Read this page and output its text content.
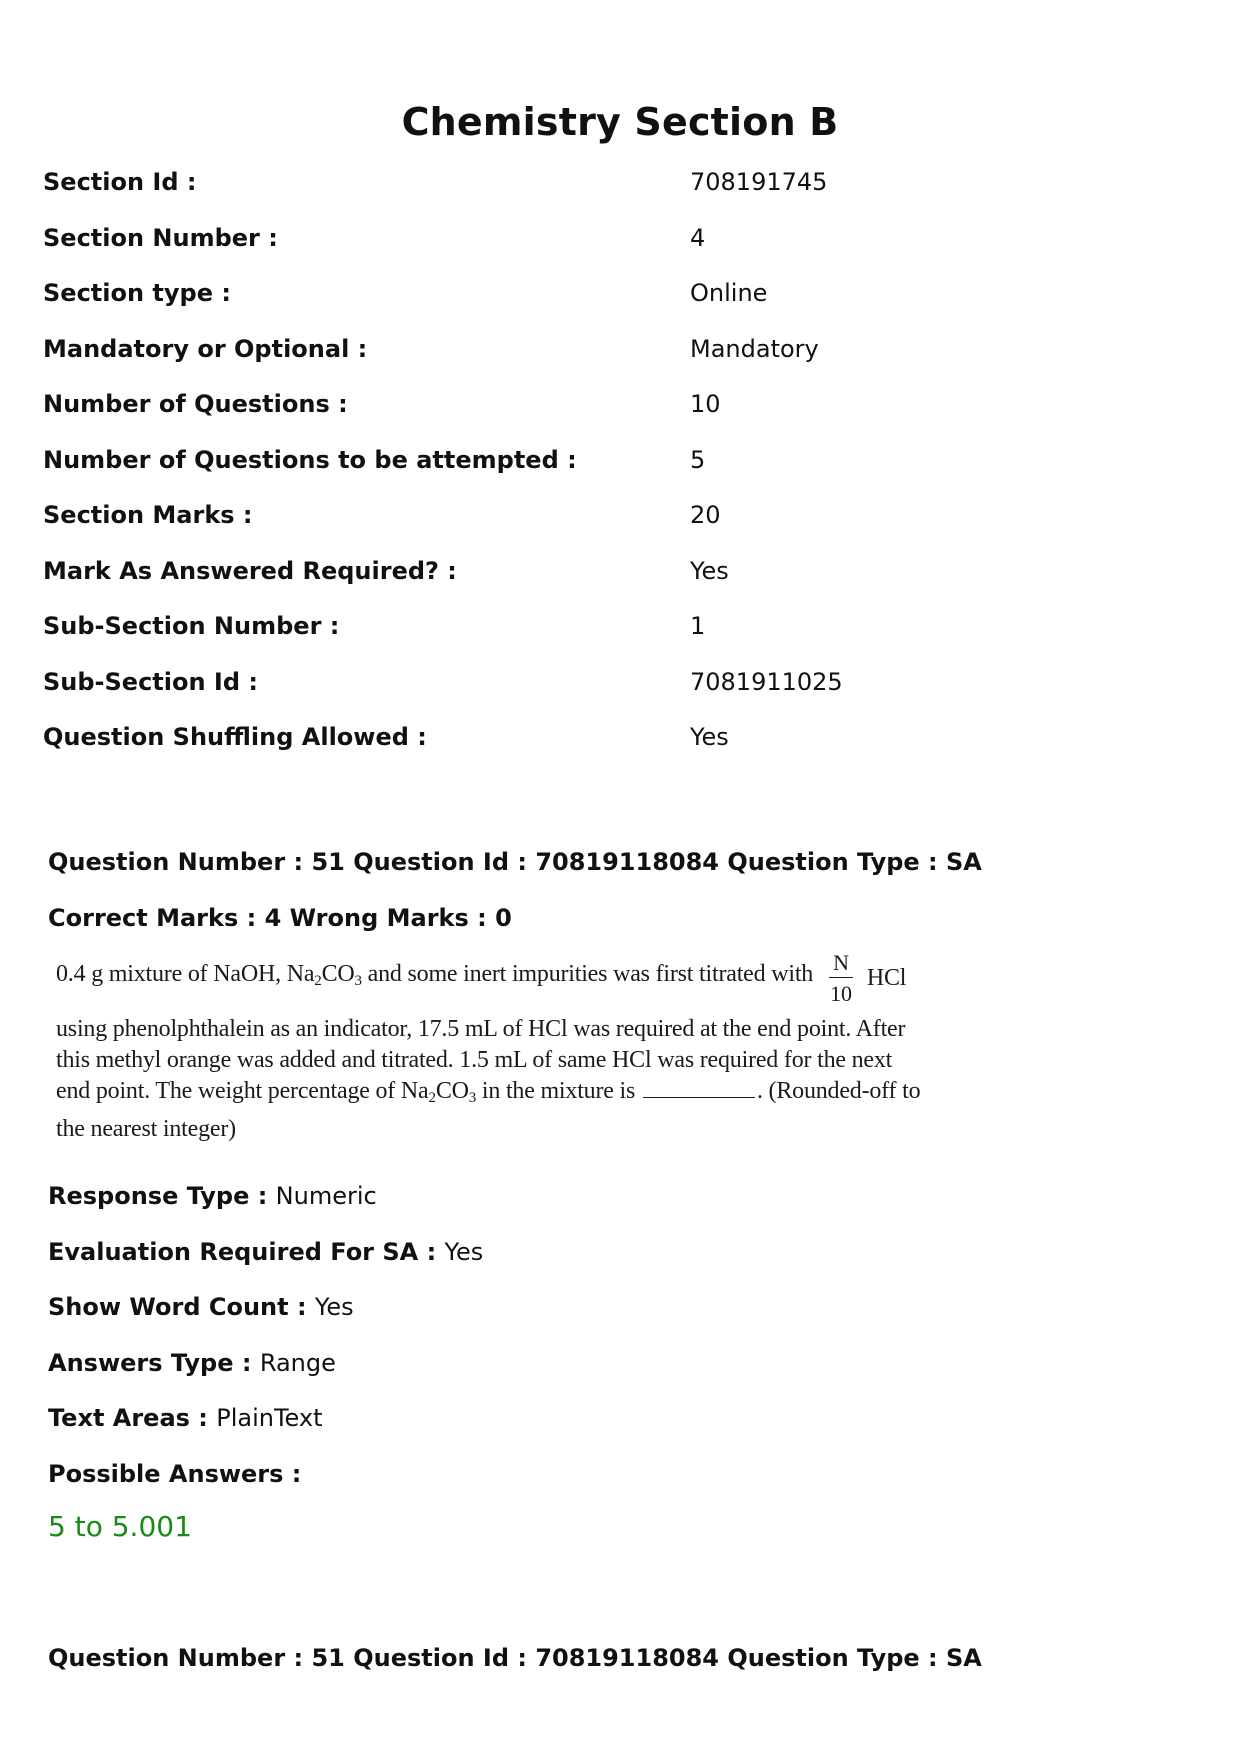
Chemistry Section B
Section Id :	708191745
Section Number :	4
Section type :	Online
Mandatory or Optional :	Mandatory
Number of Questions :	10
Number of Questions to be attempted :	5
Section Marks :	20
Mark As Answered Required? :	Yes
Sub-Section Number :	1
Sub-Section Id :	7081911025
Question Shuffling Allowed :	Yes
Question Number : 51 Question Id : 70819118084 Question Type : SA
Correct Marks : 4 Wrong Marks : 0
0.4 g mixture of NaOH, $Na_2CO_3$ and some inert impurities was first titrated with $\frac{N}{10}$ HCl
using phenolphthalein as an indicator, 17.5 mL of HCl was required at the end point. After
this methyl orange was added and titrated. 1.5 mL of same HCl was required for the next
end point. The weight percentage of $Na_2CO_3$ in the mixture is	. (Rounded-off to
the nearest integer)
Response Type : Numeric
Evaluation Required For SA : Yes
Show Word Count : Yes
Answers Type : Range
Text Areas : PlainText
Possible Answers :
5 to 5.001
Question Number : 51 Question Id : 70819118084 Question Type : SA
